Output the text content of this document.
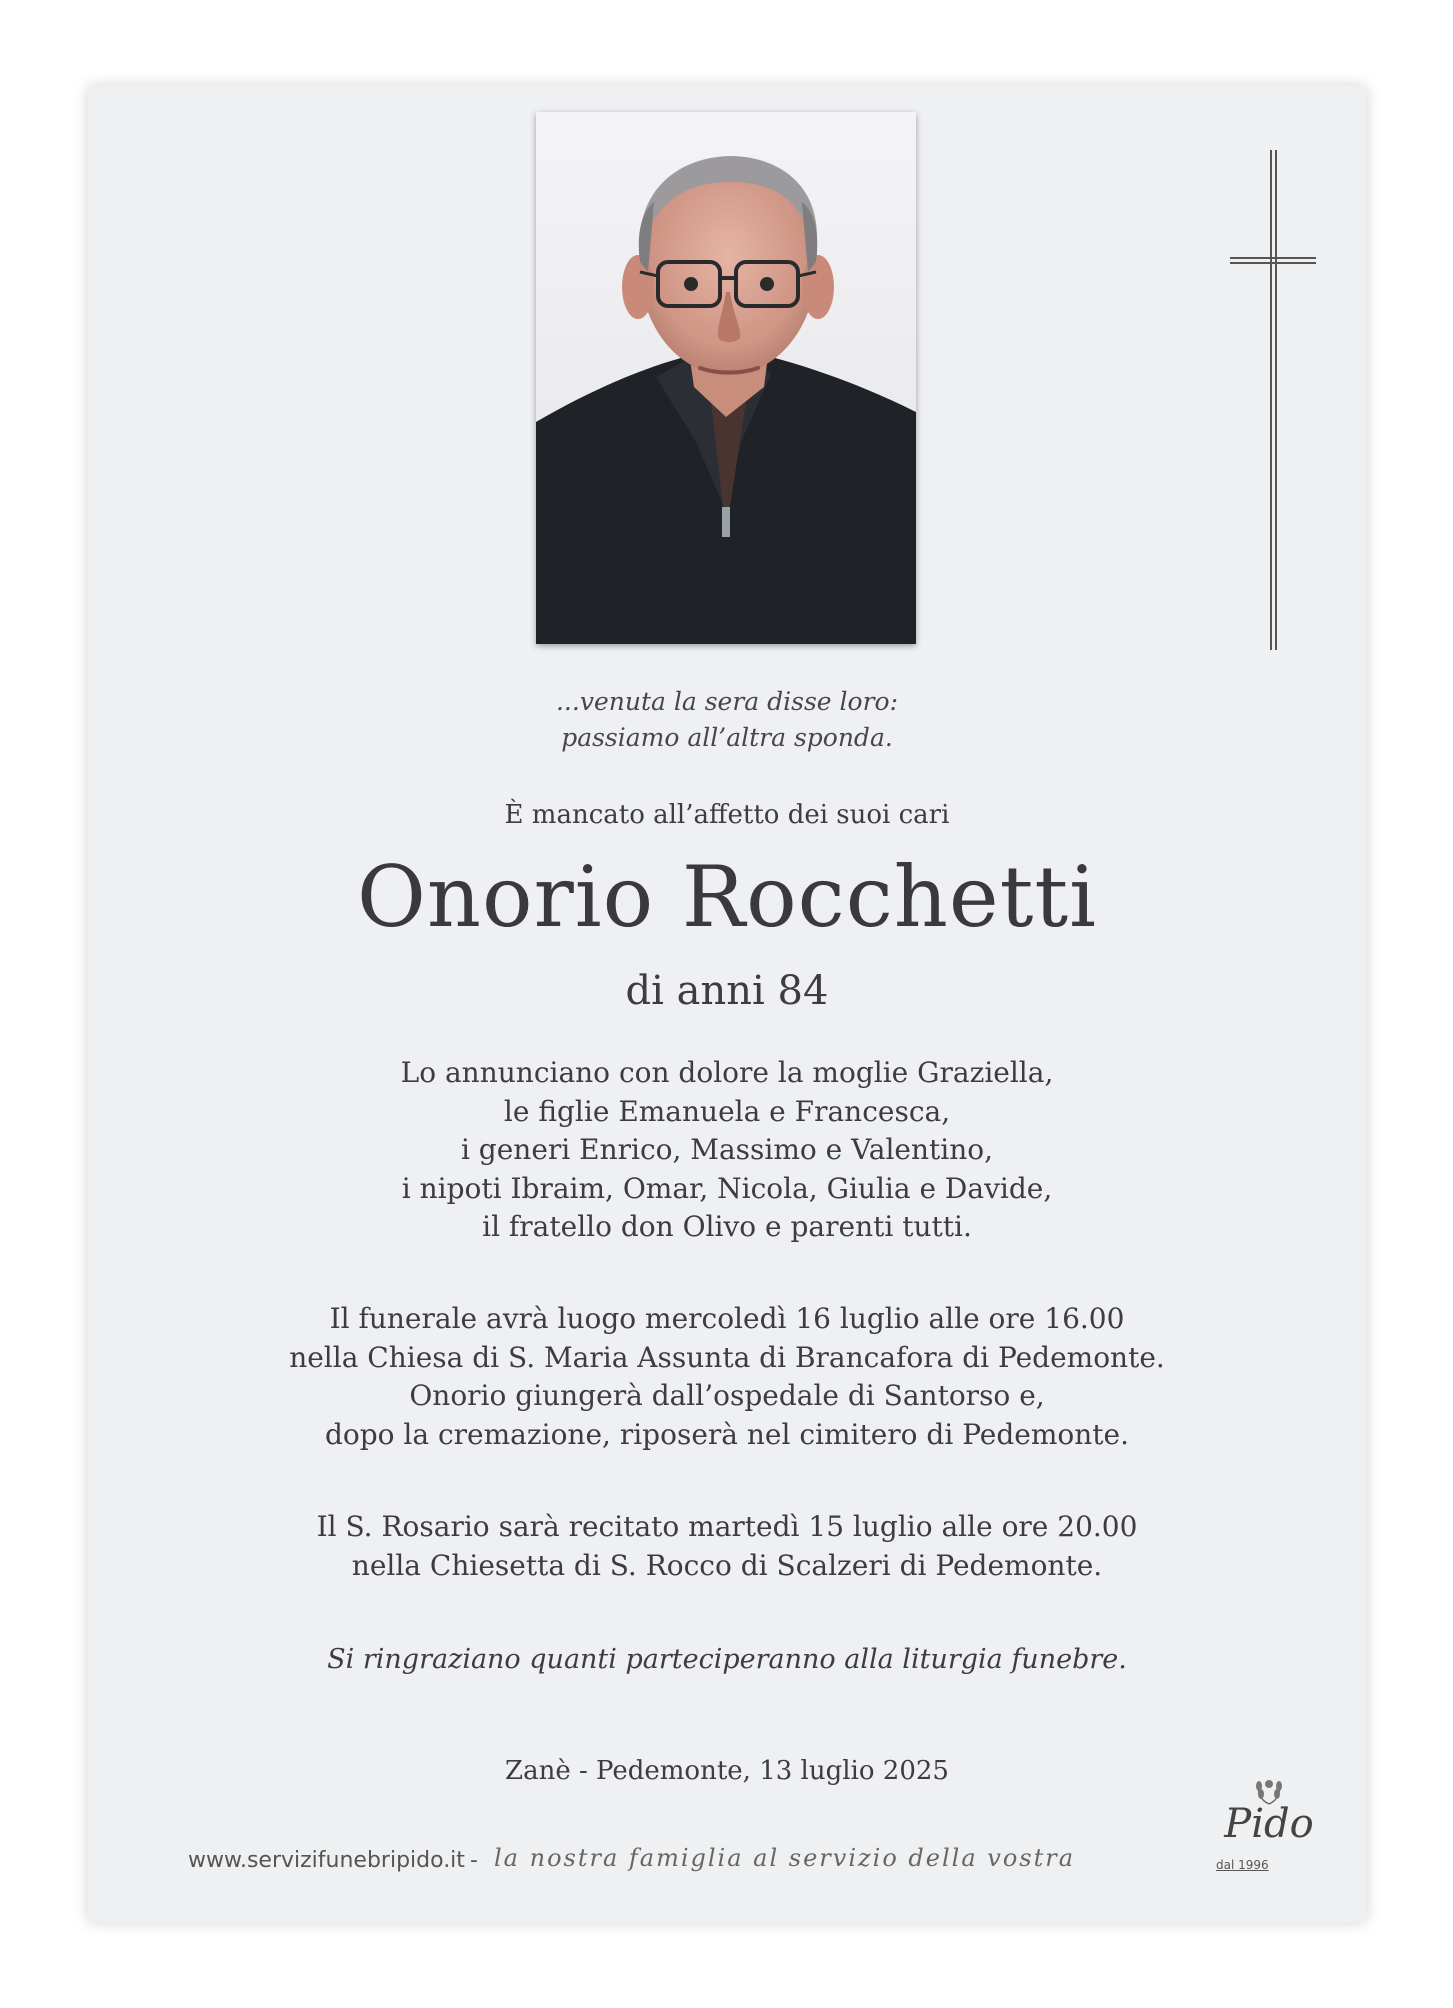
...venuta la sera disse loro:
passiamo all’altra sponda.
È mancato all’affetto dei suoi cari
Onorio Rocchetti
di anni 84
Lo annunciano con dolore la moglie Graziella,
le figlie Emanuela e Francesca,
i generi Enrico, Massimo e Valentino,
i nipoti Ibraim, Omar, Nicola, Giulia e Davide,
il fratello don Olivo e parenti tutti.
Il funerale avrà luogo mercoledì 16 luglio alle ore 16.00
nella Chiesa di S. Maria Assunta di Brancafora di Pedemonte.
Onorio giungerà dall’ospedale di Santorso e,
dopo la cremazione, riposerà nel cimitero di Pedemonte.
Il S. Rosario sarà recitato martedì 15 luglio alle ore 20.00
nella Chiesetta di S. Rocco di Scalzeri di Pedemonte.
Si ringraziano quanti parteciperanno alla liturgia funebre.
Zanè - Pedemonte, 13 luglio 2025
www.servizifunebripido.it - la nostra famiglia al servizio della vostra
Pido
dal 1996
